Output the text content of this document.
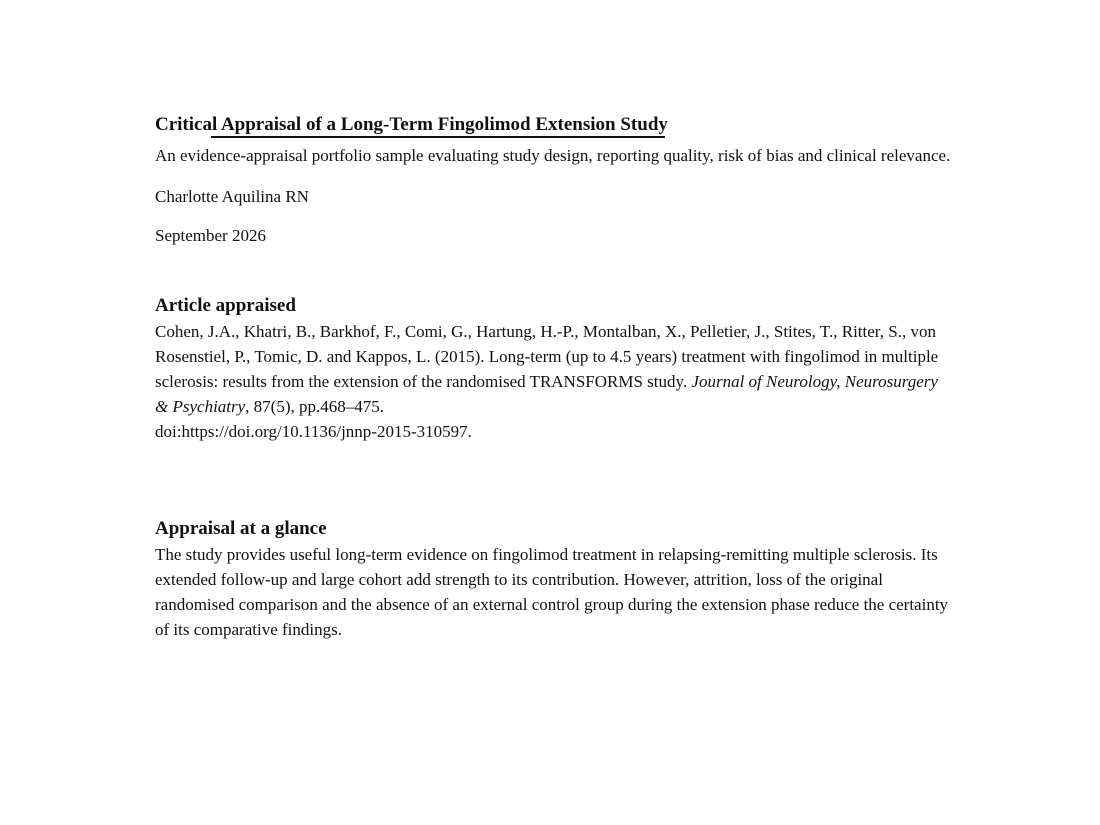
Critical Appraisal of a Long-Term Fingolimod Extension Study

An evidence-appraisal portfolio sample evaluating study design, reporting quality, risk of bias and clinical relevance.

Charlotte Aquilina RN

September 2026

Article appraised

Cohen, J.A., Khatri, B., Barkhof, F., Comi, G., Hartung, H.-P., Montalban, X., Pelletier, J., Stites, T., Ritter, S., von Rosenstiel, P., Tomic, D. and Kappos, L. (2015). Long-term (up to 4.5 years) treatment with fingolimod in multiple sclerosis: results from the extension of the randomised TRANSFORMS study. Journal of Neurology, Neurosurgery & Psychiatry, 87(5), pp.468–475.
doi:https://doi.org/10.1136/jnnp-2015-310597.

Appraisal at a glance

The study provides useful long-term evidence on fingolimod treatment in relapsing-remitting multiple sclerosis. Its extended follow-up and large cohort add strength to its contribution. However, attrition, loss of the original randomised comparison and the absence of an external control group during the extension phase reduce the certainty of its comparative findings.
